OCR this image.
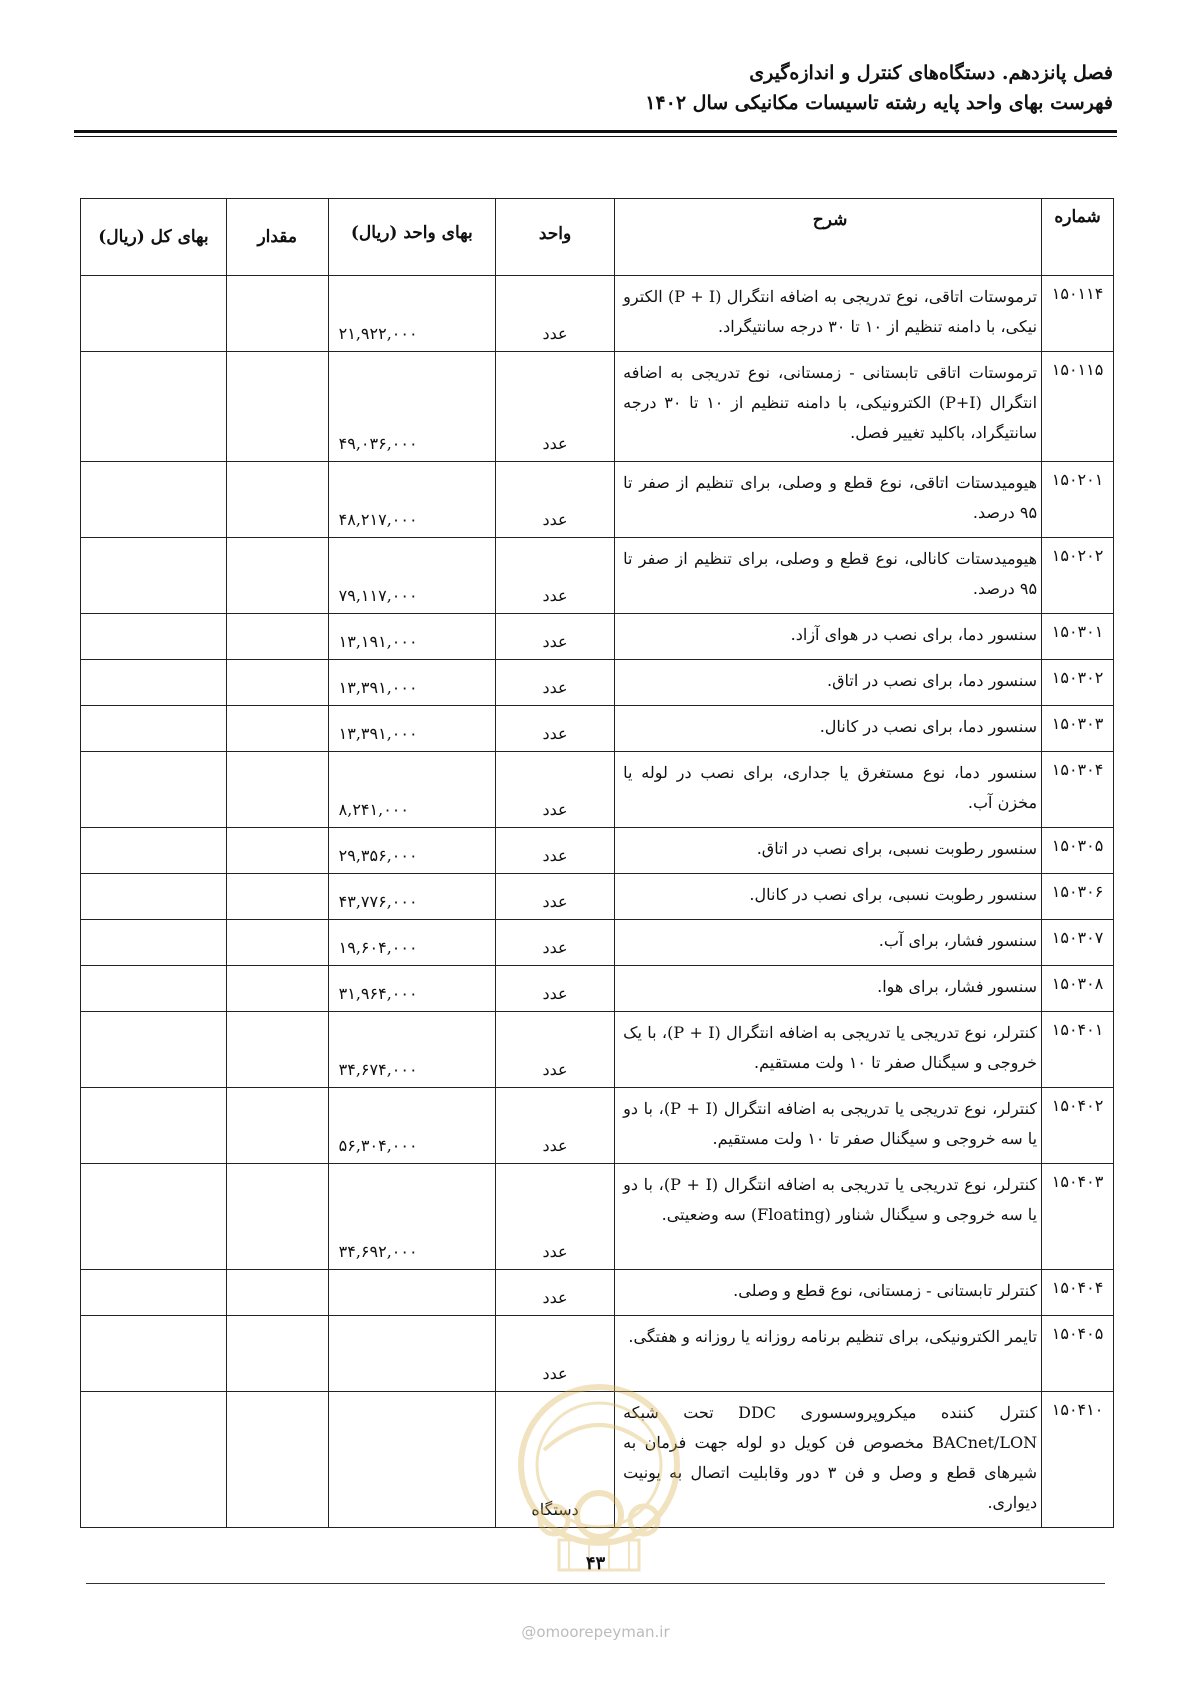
فصل پانزدهم. دستگاه‌های کنترل و اندازه‌گیری
فهرست بهای واحد پایه رشته تاسیسات مکانیکی سال ۱۴۰۲
شماره	شرح	واحد	بهای واحد (ریال)	مقدار	بهای کل (ریال)
۱۵۰۱۱۴	ترموستات اتاقی، نوع تدریجی به اضافه انتگرال (P + I) الکترو نیکی، با دامنه تنظیم از ۱۰ تا ۳۰ درجه سانتیگراد.	عدد	۲۱,۹۲۲,۰۰۰		
۱۵۰۱۱۵	ترموستات اتاقی تابستانی - زمستانی، نوع تدریجی به اضافه انتگرال (P+I) الکترونیکی، با دامنه تنظیم از ۱۰ تا ۳۰ درجه سانتیگراد، باکلید تغییر فصل.	عدد	۴۹,۰۳۶,۰۰۰		
۱۵۰۲۰۱	هیومیدستات اتاقی، نوع قطع و وصلی، برای تنظیم از صفر تا ۹۵ درصد.	عدد	۴۸,۲۱۷,۰۰۰		
۱۵۰۲۰۲	هیومیدستات کانالی، نوع قطع و وصلی، برای تنظیم از صفر تا ۹۵ درصد.	عدد	۷۹,۱۱۷,۰۰۰		
۱۵۰۳۰۱	سنسور دما، برای نصب در هوای آزاد.	عدد	۱۳,۱۹۱,۰۰۰		
۱۵۰۳۰۲	سنسور دما، برای نصب در اتاق.	عدد	۱۳,۳۹۱,۰۰۰		
۱۵۰۳۰۳	سنسور دما، برای نصب در کانال.	عدد	۱۳,۳۹۱,۰۰۰		
۱۵۰۳۰۴	سنسور دما، نوع مستغرق یا جداری، برای نصب در لوله یا مخزن آب.	عدد	۸,۲۴۱,۰۰۰		
۱۵۰۳۰۵	سنسور رطوبت نسبی، برای نصب در اتاق.	عدد	۲۹,۳۵۶,۰۰۰		
۱۵۰۳۰۶	سنسور رطوبت نسبی، برای نصب در کانال.	عدد	۴۳,۷۷۶,۰۰۰		
۱۵۰۳۰۷	سنسور فشار، برای آب.	عدد	۱۹,۶۰۴,۰۰۰		
۱۵۰۳۰۸	سنسور فشار، برای هوا.	عدد	۳۱,۹۶۴,۰۰۰		
۱۵۰۴۰۱	کنترلر، نوع تدریجی یا تدریجی به اضافه انتگرال (P + I)، با یک خروجی و سیگنال صفر تا ۱۰ ولت مستقیم.	عدد	۳۴,۶۷۴,۰۰۰		
۱۵۰۴۰۲	کنترلر، نوع تدریجی یا تدریجی به اضافه انتگرال (P + I)، با دو یا سه خروجی و سیگنال صفر تا ۱۰ ولت مستقیم.	عدد	۵۶,۳۰۴,۰۰۰		
۱۵۰۴۰۳	کنترلر، نوع تدریجی یا تدریجی به اضافه انتگرال (P + I)، با دو یا سه خروجی و سیگنال شناور (Floating) سه وضعیتی.	عدد	۳۴,۶۹۲,۰۰۰		
۱۵۰۴۰۴	کنترلر تابستانی - زمستانی، نوع قطع و وصلی.	عدد			
۱۵۰۴۰۵	تایمر الکترونیکی، برای تنظیم برنامه روزانه یا روزانه و هفتگی.	عدد			
۱۵۰۴۱۰	کنترل کننده میکروپروسسوری DDC تحت شبکه BACnet/LON مخصوص فن کویل دو لوله جهت فرمان به شیرهای قطع و وصل و فن ۳ دور وقابلیت اتصال به یونیت دیواری.	دستگاه			
۴۳
@omoorepeyman.ir
